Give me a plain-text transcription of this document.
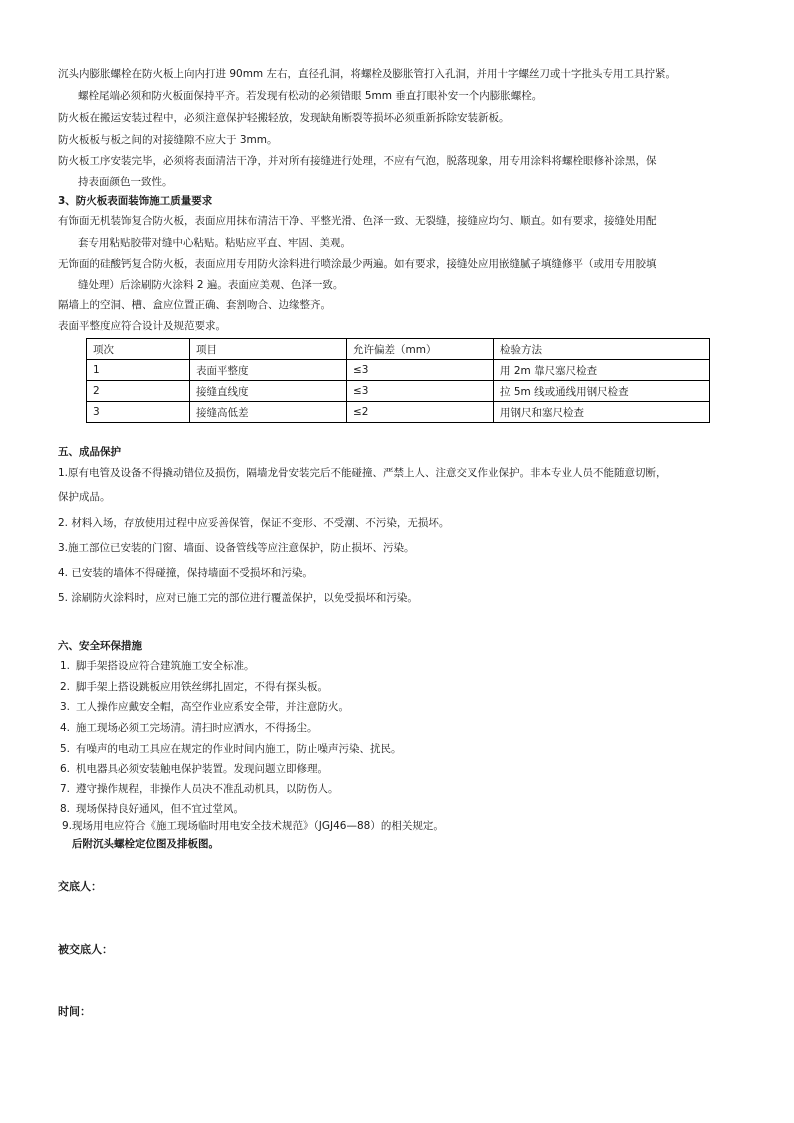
沉头内膨胀螺栓在防火板上向内打进 90mm 左右，直径孔洞，将螺栓及膨胀管打入孔洞，并用十字螺丝刀或十字批头专用工具拧紧。
螺栓尾端必须和防火板面保持平齐。若发现有松动的必须错眼 5mm 垂直打眼补安一个内膨胀螺栓。
防火板在搬运安装过程中，必须注意保护轻搬轻放，发现缺角断裂等损坏必须重新拆除安装新板。
防火板板与板之间的对接缝隙不应大于 3mm。
防火板工序安装完毕，必须将表面清洁干净，并对所有接缝进行处理，不应有气泡，脱落现象，用专用涂料将螺栓眼修补涂黑，保
持表面颜色一致性。
3、防火板表面装饰施工质量要求
有饰面无机装饰复合防火板，表面应用抹布清洁干净、平整光滑、色泽一致、无裂缝，接缝应均匀、顺直。如有要求，接缝处用配
套专用粘贴胶带对缝中心粘贴。粘贴应平直、牢固、美观。
无饰面的硅酸钙复合防火板，表面应用专用防火涂料进行喷涂最少两遍。如有要求，接缝处应用嵌缝腻子填缝修平（或用专用胶填
缝处理）后涂刷防火涂料 2 遍。表面应美观、色泽一致。
隔墙上的空洞、槽、盒应位置正确、套割吻合、边缘整齐。
表面平整度应符合设计及规范要求。
项次	项目	允许偏差（mm）	检验方法
1	表面平整度	≤3	用 2m 靠尺塞尺检查
2	接缝直线度	≤3	拉 5m 线或通线用钢尺检查
3	接缝高低差	≤2	用钢尺和塞尺检查
五、成品保护
1.原有电管及设备不得撬动错位及损伤，隔墙龙骨安装完后不能碰撞、严禁上人、注意交叉作业保护。非本专业人员不能随意切断，
保护成品。
2. 材料入场，存放使用过程中应妥善保管，保证不变形、不受潮、不污染，无损坏。
3.施工部位已安装的门窗、墙面、设备管线等应注意保护，防止损坏、污染。
4. 已安装的墙体不得碰撞，保持墙面不受损坏和污染。
5. 涂刷防火涂料时，应对已施工完的部位进行覆盖保护，以免受损坏和污染。
六、安全环保措施
1. 脚手架搭设应符合建筑施工安全标准。
2. 脚手架上搭设跳板应用铁丝绑扎固定，不得有探头板。
3. 工人操作应戴安全帽，高空作业应系安全带，并注意防火。
4. 施工现场必须工完场清。清扫时应洒水，不得扬尘。
5. 有噪声的电动工具应在规定的作业时间内施工，防止噪声污染、扰民。
6. 机电器具必须安装触电保护装置。发现问题立即修理。
7. 遵守操作规程，非操作人员决不准乱动机具，以防伤人。
8. 现场保持良好通风，但不宜过堂风。
9.现场用电应符合《施工现场临时用电安全技术规范》（JGJ46—88）的相关规定。
后附沉头螺栓定位图及排板图。
交底人：
被交底人：
时间：
